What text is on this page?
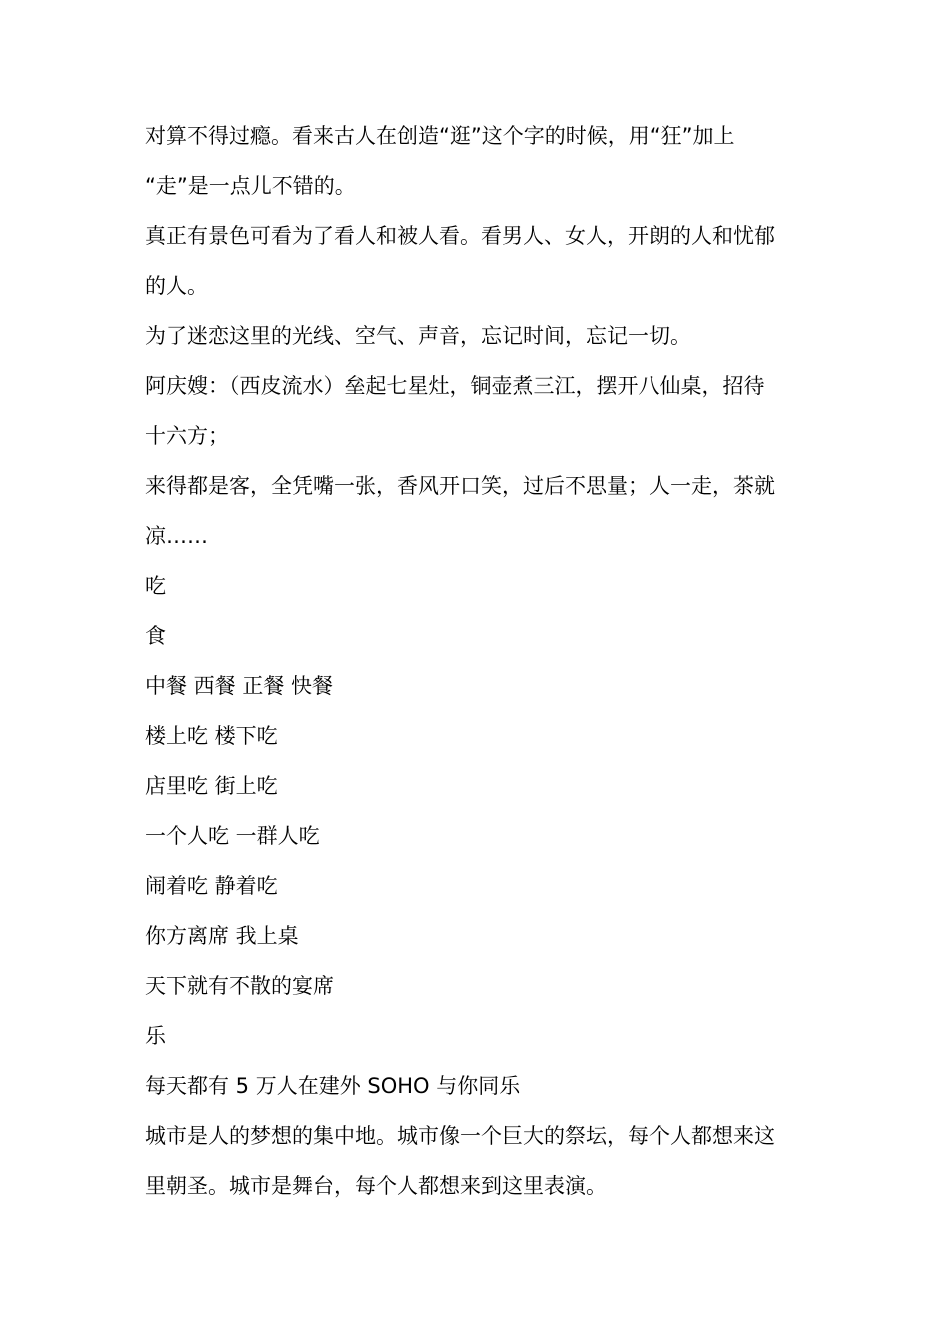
对算不得过瘾。看来古人在创造“逛”这个字的时候，用“狂”加上

“走”是一点儿不错的。

真正有景色可看为了看人和被人看。看男人、女人，开朗的人和忧郁

的人。

为了迷恋这里的光线、空气、声音，忘记时间，忘记一切。

阿庆嫂：（西皮流水）垒起七星灶，铜壶煮三江，摆开八仙桌，招待

十六方；

来得都是客，全凭嘴一张，香风开口笑，过后不思量；人一走，茶就

凉……

吃

食

中餐 西餐 正餐 快餐

楼上吃 楼下吃

店里吃 街上吃

一个人吃 一群人吃

闹着吃 静着吃

你方离席 我上桌

天下就有不散的宴席

乐

每天都有 5 万人在建外 SOHO 与你同乐

城市是人的梦想的集中地。城市像一个巨大的祭坛，每个人都想来这

里朝圣。城市是舞台，每个人都想来到这里表演。
